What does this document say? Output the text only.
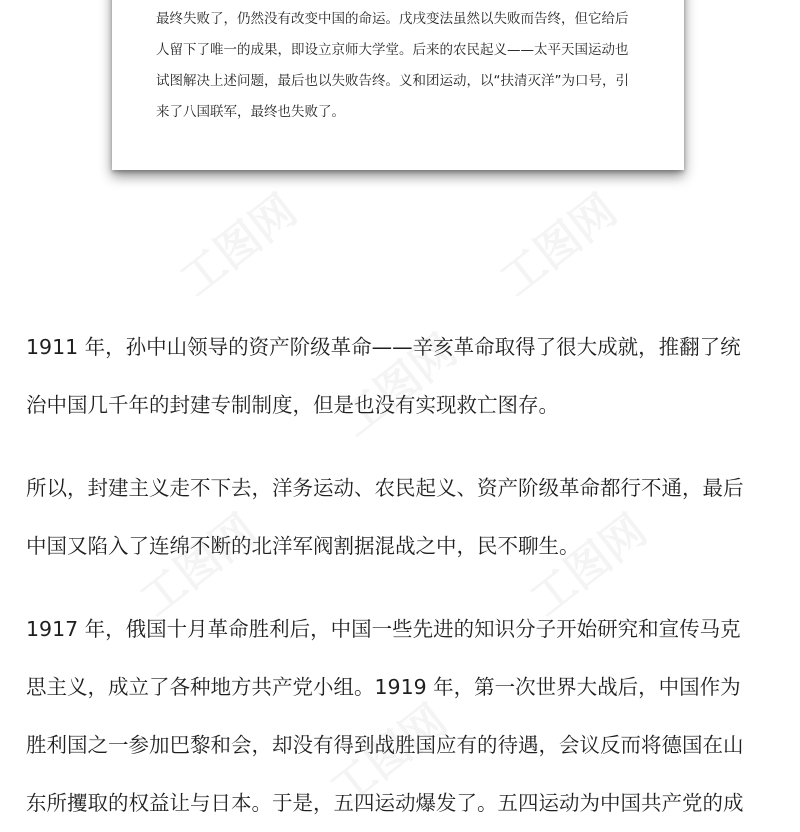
最终失败了，仍然没有改变中国的命运。戊戌变法虽然以失败而告终，但它给后
人留下了唯一的成果，即设立京师大学堂。后来的农民起义——太平天国运动也
试图解决上述问题，最后也以失败告终。义和团运动，以“扶清灭洋”为口号，引
来了八国联军，最终也失败了。
1911 年，孙中山领导的资产阶级革命——辛亥革命取得了很大成就，推翻了统
治中国几千年的封建专制制度，但是也没有实现救亡图存。
所以，封建主义走不下去，洋务运动、农民起义、资产阶级革命都行不通，最后
中国又陷入了连绵不断的北洋军阀割据混战之中，民不聊生。
1917 年，俄国十月革命胜利后，中国一些先进的知识分子开始研究和宣传马克
思主义，成立了各种地方共产党小组。1919 年，第一次世界大战后，中国作为
胜利国之一参加巴黎和会，却没有得到战胜国应有的待遇，会议反而将德国在山
东所攫取的权益让与日本。于是，五四运动爆发了。五四运动为中国共产党的成
